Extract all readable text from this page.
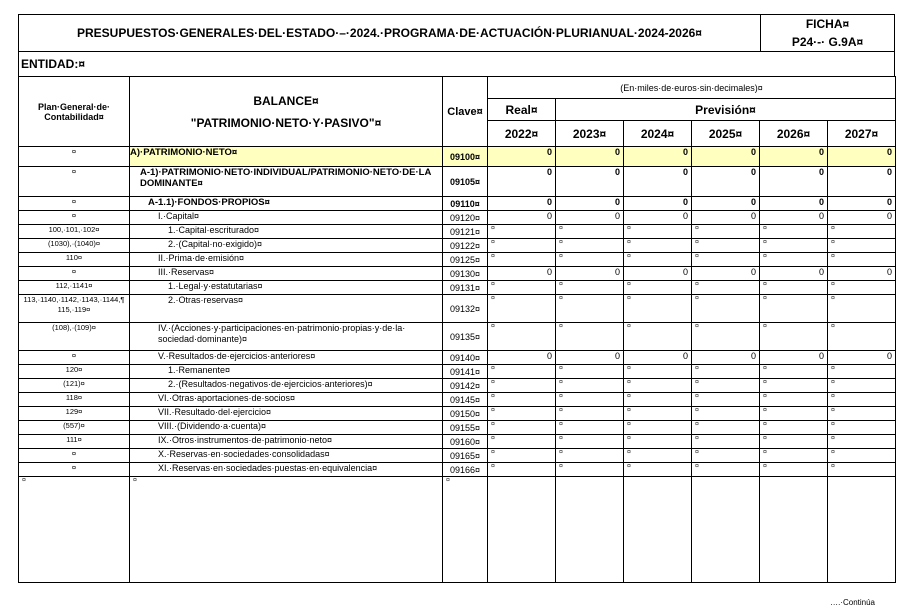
PRESUPUESTOS·GENERALES·DEL·ESTADO·–·2024.·PROGRAMA·DE·ACTUACIÓN·PLURIANUAL·2024-2026¤
FICHA¤
P24·-· G.9A¤
ENTIDAD:¤
Plan·General·de· Contabilidad¤	BALANCE¤
"PATRIMONIO·NETO·Y·PASIVO"¤	Clave¤	(En·miles·de·euros·sin·decimales)¤					
			Real¤	Previsión¤				
			2022¤	2023¤	2024¤	2025¤	2026¤	2027¤
¤	A)·PATRIMONIO·NETO¤	09100¤	0	0	0	0	0	0
¤	A-1)·PATRIMONIO·NETO·INDIVIDUAL/PATRIMONIO·NETO·DE·LA DOMINANTE¤	09105¤	0	0	0	0	0	0
¤	A-1.1)·FONDOS·PROPIOS¤	09110¤	0	0	0	0	0	0
¤	I.·Capital¤	09120¤	0	0	0	0	0	0
100,·101,·102¤	1.·Capital·escriturado¤	09121¤	¤	¤	¤	¤	¤	¤
(1030),·(1040)¤	2.·(Capital·no·exigido)¤	09122¤	¤	¤	¤	¤	¤	¤
110¤	II.·Prima·de·emisión¤	09125¤	¤	¤	¤	¤	¤	¤
¤	III.·Reservas¤	09130¤	0	0	0	0	0	0
112,·1141¤	1.·Legal·y·estatutarias¤	09131¤	¤	¤	¤	¤	¤	¤
113,·1140,·1142,·1143,·1144,¶ 115,·119¤	2.·Otras·reservas¤	09132¤	¤	¤	¤	¤	¤	¤
(108),·(109)¤	IV.·(Acciones·y·participaciones·en·patrimonio·propias·y·de·la· sociedad·dominante)¤	09135¤	¤	¤	¤	¤	¤	¤
¤	V.·Resultados·de·ejercicios·anteriores¤	09140¤	0	0	0	0	0	0
120¤	1.·Remanente¤	09141¤	¤	¤	¤	¤	¤	¤
(121)¤	2.·(Resultados·negativos·de·ejercicios·anteriores)¤	09142¤	¤	¤	¤	¤	¤	¤
118¤	VI.·Otras·aportaciones·de·socios¤	09145¤	¤	¤	¤	¤	¤	¤
129¤	VII.·Resultado·del·ejercicio¤	09150¤	¤	¤	¤	¤	¤	¤
(557)¤	VIII.·(Dividendo·a·cuenta)¤	09155¤	¤	¤	¤	¤	¤	¤
111¤	IX.·Otros·instrumentos·de·patrimonio·neto¤	09160¤	¤	¤	¤	¤	¤	¤
¤	X.·Reservas·en·sociedades·consolidadas¤	09165¤	¤	¤	¤	¤	¤	¤
¤	XI.·Reservas·en·sociedades·puestas·en·equivalencia¤	09166¤	¤	¤	¤	¤	¤	¤
¤	¤	¤						
….·Continúa
